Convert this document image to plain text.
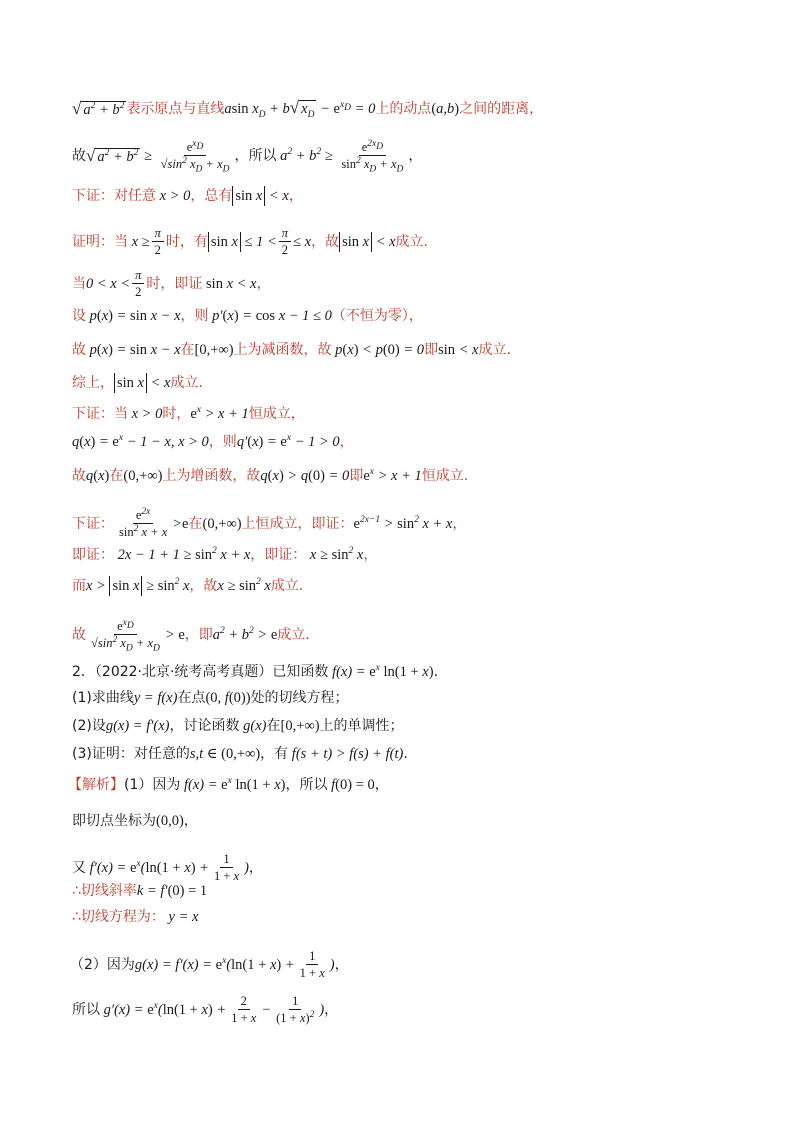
√ $a^2 + b^2$ 表示原点与直线 asin $x_D + b$ √ $x_D - e^{x_D} = 0$ 上的动点 (a,b) 之间的距离，
故 √ $a^2 + b^2 \ge \frac{e^{x_D}}{√\sin^2 x_D + x_D}$ ，所以 $a^2 + b^2 \ge \frac{e^{2x_D}}{\sin^2 x_D + x_D}$ ，
下证：对任意 x > 0 ，总有 sin x < x ，
证明：当 $x \ge \frac{\pi}{2}$ 时，有 $\sin x \le 1 < \frac{\pi}{2} \le x$ ，故 sin x < x 成立.
当 $0 < x < \frac{\pi}{2}$ 时，即证 sin x < x ，
设 p(x) = sin x − x ，则 p′(x) = cos x − 1 ≤ 0 （不恒为零），
故 p(x) = sin x − x 在 [0,+∞) 上为减函数，故 p(x) < p(0) = 0 即 sin < x 成立.
综上， sin x < x 成立.
下证：当 x > 0 时， $e^x > x + 1$ 恒成立，
$q(x) = e^x - 1 - x$, x > 0 ，则 $q'(x) = e^x - 1 > 0$ ，
故 q(x) 在 (0,+∞) 上为增函数，故 q(x) > q(0) = 0 即 $e^x > x + 1$ 恒成立.
下证： $\frac{e^{2x}}{\sin^2 x + x} >e$ 在 (0,+∞) 上恒成立，即证： $e^{2x-1} > \sin^2 x + x$ ，
即证： $2x - 1 + 1 \ge \sin^2 x + x$ ，即证： $x \ge \sin^2 x$ ，
而 $x > \sin x \ge \sin^2 x$ ，故 $x \ge \sin^2 x$ 成立.
故 $\frac{e^{x_D}}{√\sin^2 x_D + x_D} > e$ ，即 $a^2 + b^2 > e$ 成立.
2．（2022·北京·统考高考真题）已知函数 $f(x) = e^x$ ln(1 + x) .
(1)求曲线 y = f(x) 在点 (0, f(0)) 处的切线方程；
(2)设 g(x) = f′(x) ，讨论函数 g(x) 在 [0,+∞) 上的单调性；
(3)证明：对任意的 s,t ∈ (0,+∞) ，有 f(s + t) > f(s) + f(t) .
【解析】 (1）因为 $f(x) = e^x$ ln(1 + x) ，所以 f(0) = 0 ，
即切点坐标为 (0,0) ，
又 $f'(x) = e^x(\ln(1 + x) + \frac{1}{1 + x}$ ) ，
∴切线斜率 k = f′(0) = 1
∴切线方程为： y = x
（2）因为 $g(x) = f'(x) = e^x(\ln(1 + x) + \frac{1}{1 + x}$ ) ，
所以 $g'(x) = e^x(\ln(1 + x) + \frac{2}{1 + x} - \frac{1}{(1 + x)^2}$ ) ，
